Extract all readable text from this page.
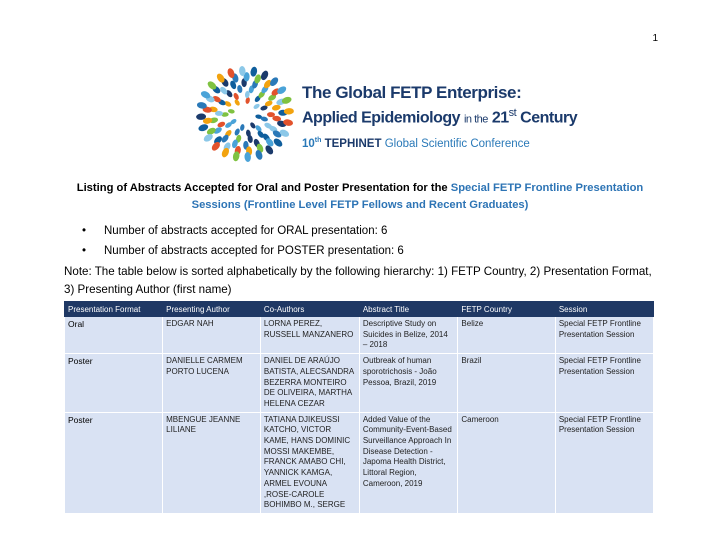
1
The Global FETP Enterprise:
Applied Epidemiology in the 21st Century
10th TEPHINET Global Scientific Conference
Listing of Abstracts Accepted for Oral and Poster Presentation for the Special FETP Frontline Presentation Sessions (Frontline Level FETP Fellows and Recent Graduates)
• Number of abstracts accepted for ORAL presentation: 6
• Number of abstracts accepted for POSTER presentation: 6
Note: The table below is sorted alphabetically by the following hierarchy: 1) FETP Country, 2) Presentation Format, 3) Presenting Author (first name)
Presentation Format	Presenting Author	Co-Authors	Abstract Title	FETP Country	Session
Oral	EDGAR NAH	LORNA PEREZ, RUSSELL MANZANERO	Descriptive Study on Suicides in Belize, 2014 – 2018	Belize	Special FETP Frontline Presentation Session
Poster	DANIELLE CARMEM PORTO LUCENA	DANIEL DE ARAÚJO BATISTA, ALECSANDRA BEZERRA MONTEIRO DE OLIVEIRA, MARTHA HELENA CEZAR	Outbreak of human sporotrichosis - João Pessoa, Brazil, 2019	Brazil	Special FETP Frontline Presentation Session
Poster	MBENGUE JEANNE LILIANE	TATIANA DJIKEUSSI KATCHO, VICTOR KAME, HANS DOMINIC MOSSI MAKEMBE, FRANCK AMABO CHI, YANNICK KAMGA, ARMEL EVOUNA ,ROSE-CAROLE BOHIMBO M., SERGE	Added Value of the Community-Event-Based Surveillance Approach In Disease Detection - Japoma Health District, Littoral Region, Cameroon, 2019	Cameroon	Special FETP Frontline Presentation Session
